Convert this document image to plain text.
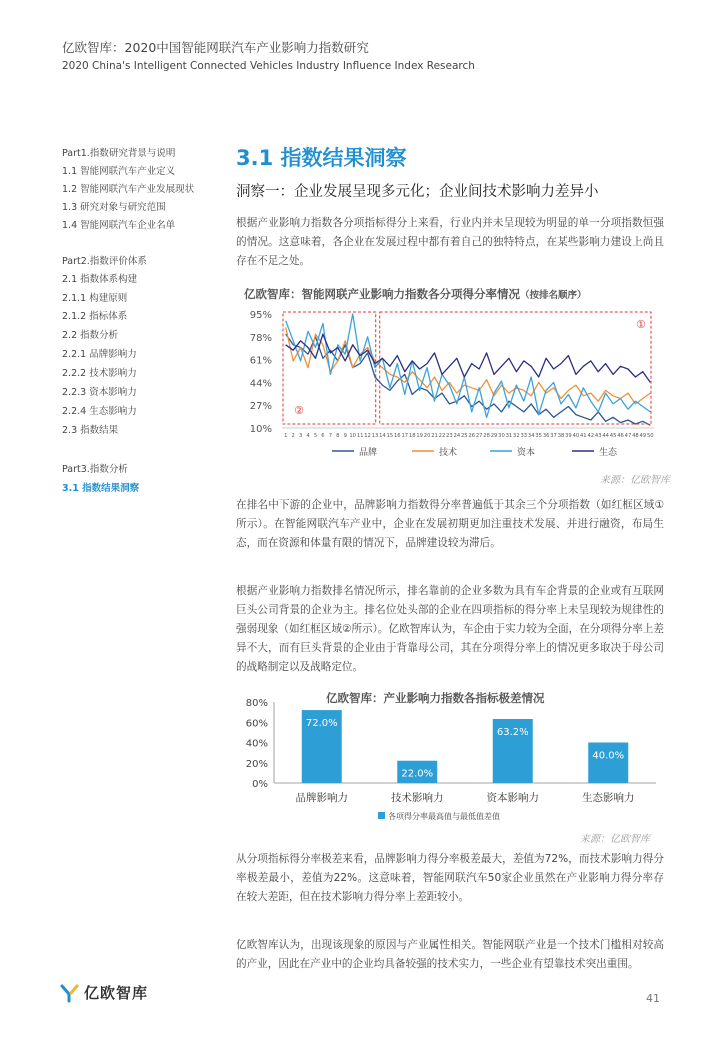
亿欧智库：2020中国智能网联汽车产业影响力指数研究
2020 China's Intelligent Connected Vehicles Industry Influence Index Research
Part1.指数研究背景与说明
1.1 智能网联汽车产业定义
1.2 智能网联汽车产业发展现状
1.3 研究对象与研究范围
1.4 智能网联汽车企业名单
Part2.指数评价体系
2.1 指数体系构建
2.1.1 构建原则
2.1.2 指标体系
2.2 指数分析
2.2.1 品牌影响力
2.2.2 技术影响力
2.2.3 资本影响力
2.2.4 生态影响力
2.3 指数结果
Part3.指数分析
3.1 指数结果洞察
3.1 指数结果洞察
洞察一：企业发展呈现多元化；企业间技术影响力差异小
根据产业影响力指数各分项指标得分上来看，行业内并未呈现较为明显的单一分项指数恒强的情况。这意味着，各企业在发展过程中都有着自己的独特特点，在某些影响力建设上尚且存在不足之处。
亿欧智库：智能网联产业影响力指数各分项得分率情况（按排名顺序）
95%
78%
61%
44%
27%
10%
1 2 3 4 5 6 7 8 9 10 11 12 13 14 15 16 17 18 19 20 21 22 23 24 25 26 27 28 29 30 31 32 33 34 35 36 37 38 39 40 41 42 43 44 45 46 47 48 49 50
①
②
品牌	技术	资本	生态
来源：亿欧智库
在排名中下游的企业中，品牌影响力指数得分率普遍低于其余三个分项指数（如红框区域①所示）。在智能网联汽车产业中，企业在发展初期更加注重技术发展、并进行融资，布局生态，而在资源和体量有限的情况下，品牌建设较为滞后。
根据产业影响力指数排名情况所示，排名靠前的企业多数为具有车企背景的企业或有互联网巨头公司背景的企业为主。排名位处头部的企业在四项指标的得分率上未呈现较为规律性的强弱现象（如红框区域②所示）。亿欧智库认为，车企由于实力较为全面，在分项得分率上差异不大，而有巨头背景的企业由于背靠母公司，其在分项得分率上的情况更多取决于母公司的战略制定以及战略定位。
亿欧智库：产业影响力指数各指标极差情况
80%
60%
40%
20%
0%
72.0%
品牌影响力
22.0%
技术影响力
63.2%
资本影响力
40.0%
生态影响力
各项得分率最高值与最低值差值
来源：亿欧智库
从分项指标得分率极差来看，品牌影响力得分率极差最大，差值为72%，而技术影响力得分率极差最小，差值为22%。这意味着，智能网联汽车50家企业虽然在产业影响力得分率存在较大差距，但在技术影响力得分率上差距较小。
亿欧智库认为，出现该现象的原因与产业属性相关。智能网联产业是一个技术门槛相对较高的产业，因此在产业中的企业均具备较强的技术实力，一些企业有望靠技术突出重围。
亿欧智库	41
